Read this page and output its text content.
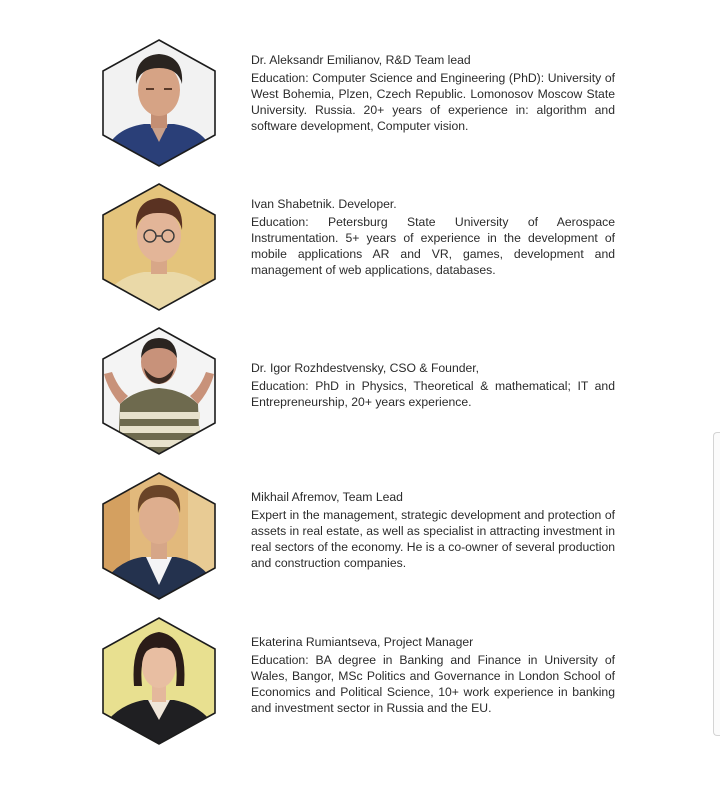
Dr. Aleksandr Emilianov, R&D Team lead

Education: Computer Science and Engineering (PhD): University of West Bohemia, Plzen, Czech Republic. Lomonosov Moscow State University. Russia. 20+ years of experience in: algorithm and software development, Computer vision.

Ivan Shabetnik. Developer.

Education: Petersburg State University of Aerospace Instrumentation. 5+ years of experience in the development of mobile applications AR and VR, games, development and management of web applications, databases.

Dr. Igor Rozhdestvensky, CSO & Founder,

Education: PhD in Physics, Theoretical & mathematical; IT and Entrepreneurship, 20+ years experience.

Mikhail Afremov, Team Lead

Expert in the management, strategic development and protection of assets in real estate, as well as specialist in attracting investment in real sectors of the economy. He is a co-owner of several production and construction companies.

Ekaterina Rumiantseva, Project Manager

Education: BA degree in Banking and Finance in University of Wales, Bangor, MSc Politics and Governance in London School of Economics and Political Science, 10+ work experience in banking and investment sector in Russia and the EU.
